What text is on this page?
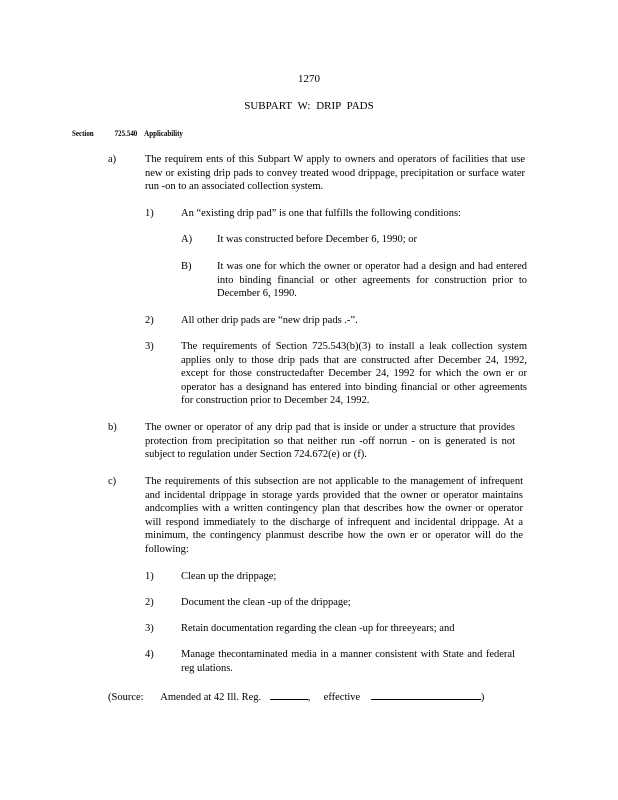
1270
SUBPART W: DRIP PADS
Section 725.540 Applicability
a)	The requirem ents of this Subpart W apply to owners and operators of facilities that use new or existing drip pads to convey treated wood drippage, precipitation or surface water run -on to an associated collection system.
1)	An “existing drip pad” is one that fulfills the following conditions:
A) It was constructed before December 6, 1990; or
B) It was one for which the owner or operator had a design and had entered into binding financial or other agreements for construction prior to December 6, 1990.
2)	All other drip pads are “new drip pads .-”.
3)	The requirements of Section 725.543(b)(3) to install a leak collection system applies only to those drip pads that are constructed after December 24, 1992, except for those constructedafter December 24, 1992 for which the own er or operator has a designand has entered into binding financial or other agreements for construction prior to December 24, 1992.
b)	The owner or operator of any drip pad that is inside or under a structure that provides protection from precipitation so that neither run -off norrun - on is generated is not subject to regulation under Section 724.672(e) or (f).
c)	The requirements of this subsection are not applicable to the management of infrequent and incidental drippage in storage yards provided that the owner or operator maintains andcomplies with a written contingency plan that describes how the owner or operator will respond immediately to the discharge of infrequent and incidental drippage. At a minimum, the contingency planmust describe how the own er or operator will do the following:
1)	Clean up the drippage;
2)	Document the clean -up of the drippage;
3)	Retain documentation regarding the clean -up for threeyears; and
4)	Manage thecontaminated media in a manner consistent with State and federal reg ulations.
(Source: Amended at 42 Ill. Reg.	, effective	)
